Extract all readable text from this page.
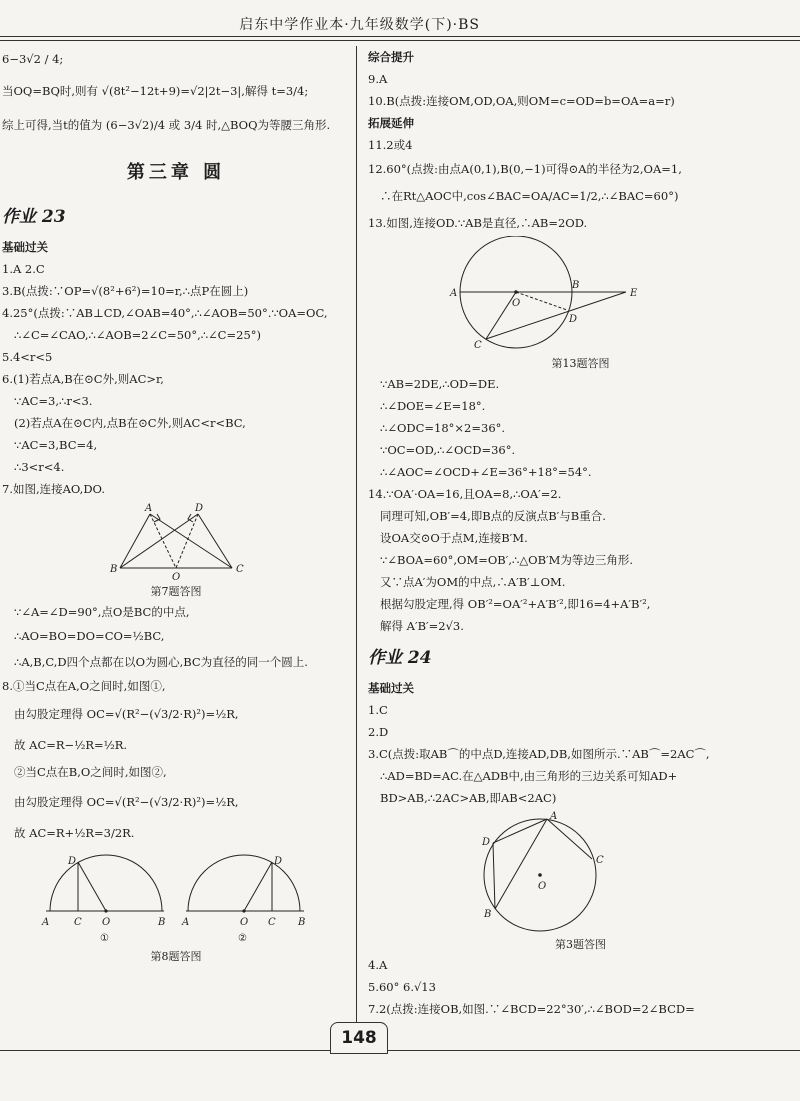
启东中学作业本·九年级数学(下)·BS
6−3√2 / 4;
当OQ=BQ时,则有 √(8t²−12t+9)=√2|2t−3|,解得 t=3/4;
综上可得,当t的值为 (6−3√2)/4 或 3/4 时,△BOQ为等腰三角形.
第三章 圆
作业 23
基础过关
1.A 2.C
3.B(点拨:∵OP=√(8²+6²)=10=r,∴点P在圆上)
4.25°(点拨:∵AB⊥CD,∠OAB=40°,∴∠AOB=50°.∵OA=OC,
∴∠C=∠CAO,∴∠AOB=2∠C=50°,∴∠C=25°)
5.4<r<5
6.(1)若点A,B在⊙C外,则AC>r,
∵AC=3,∴r<3.
(2)若点A在⊙C内,点B在⊙C外,则AC<r<BC,
∵AC=3,BC=4,
∴3<r<4.
7.如图,连接AO,DO.
A	D
B
O
C
第7题答图
∵∠A=∠D=90°,点O是BC的中点,
∴AO=BO=DO=CO=½BC,
∴A,B,C,D四个点都在以O为圆心,BC为直径的同一个圆上.
8.①当C点在A,O之间时,如图①,
由勾股定理得 OC=√(R²−(√3/2·R)²)=½R,
故 AC=R−½R=½R.
②当C点在B,O之间时,如图②,
由勾股定理得 OC=√(R²−(√3/2·R)²)=½R,
故 AC=R+½R=3/2R.
D
A C O	B
D
A	C
O	B
①	②
第8题答图
综合提升
9.A
10.B(点拨:连接OM,OD,OA,则OM=c=OD=b=OA=a=r)
拓展延伸
11.2或4
12.60°(点拨:由点A(0,1),B(0,−1)可得⊙A的半径为2,OA=1,
∴在Rt△AOC中,cos∠BAC=OA/AC=1/2,∴∠BAC=60°)
13.如图,连接OD.∵AB是直径,∴AB=2OD.
A
B
E
O
D
C
第13题答图
∵AB=2DE,∴OD=DE.
∴∠DOE=∠E=18°.
∴∠ODC=18°×2=36°.
∵OC=OD,∴∠OCD=36°.
∴∠AOC=∠OCD+∠E=36°+18°=54°.
14.∵OA′·OA=16,且OA=8,∴OA′=2.
同理可知,OB′=4,即B点的反演点B′与B重合.
设OA交⊙O于点M,连接B′M.
∵∠BOA=60°,OM=OB′,∴△OB′M为等边三角形.
又∵点A′为OM的中点,∴A′B′⊥OM.
根据勾股定理,得 OB′²=OA′²+A′B′²,即16=4+A′B′²,
解得 A′B′=2√3.
作业 24
基础过关
1.C
2.D
3.C(点拨:取AB⌒的中点D,连接AD,DB,如图所示.∵AB⌒=2AC⌒,
∴AD=BD=AC.在△ADB中,由三角形的三边关系可知AD+
BD>AB,∴2AC>AB,即AB<2AC)
A
D
C
O
B
第3题答图
4.A
5.60° 6.√13
7.2(点拨:连接OB,如图.∵∠BCD=22°30′,∴∠BOD=2∠BCD=
148
